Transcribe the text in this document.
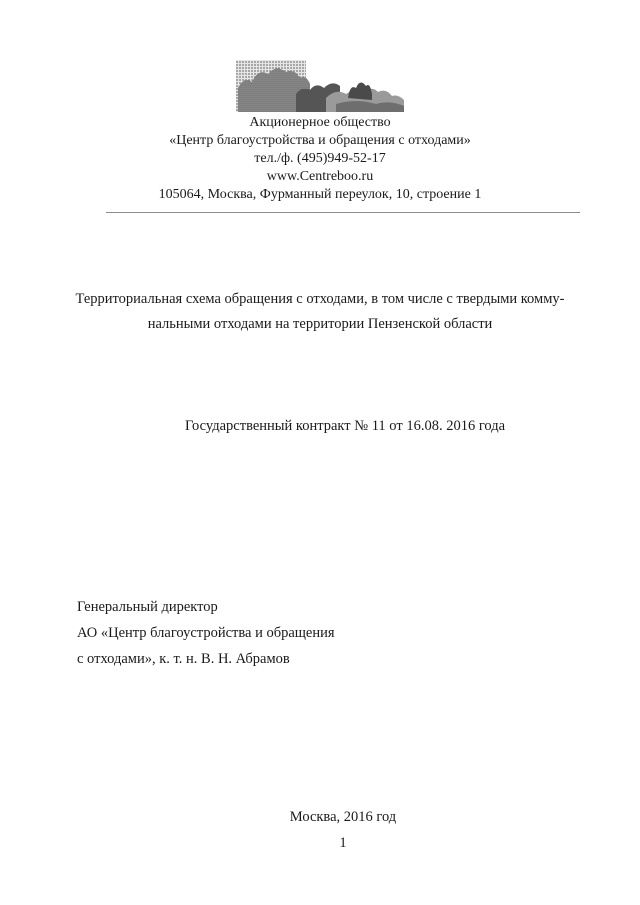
Акционерное общество
«Центр благоустройства и обращения с отходами»
тел./ф. (495)949-52-17
www.Centreboo.ru
105064, Москва, Фурманный переулок, 10, строение 1
Территориальная схема обращения с отходами, в том числе с твердыми комму-
нальными отходами на территории Пензенской области
Государственный контракт № 11 от 16.08. 2016 года
Генеральный директор
АО «Центр благоустройства и обращения
с отходами», к. т. н. В. Н. Абрамов
Москва, 2016 год
1
